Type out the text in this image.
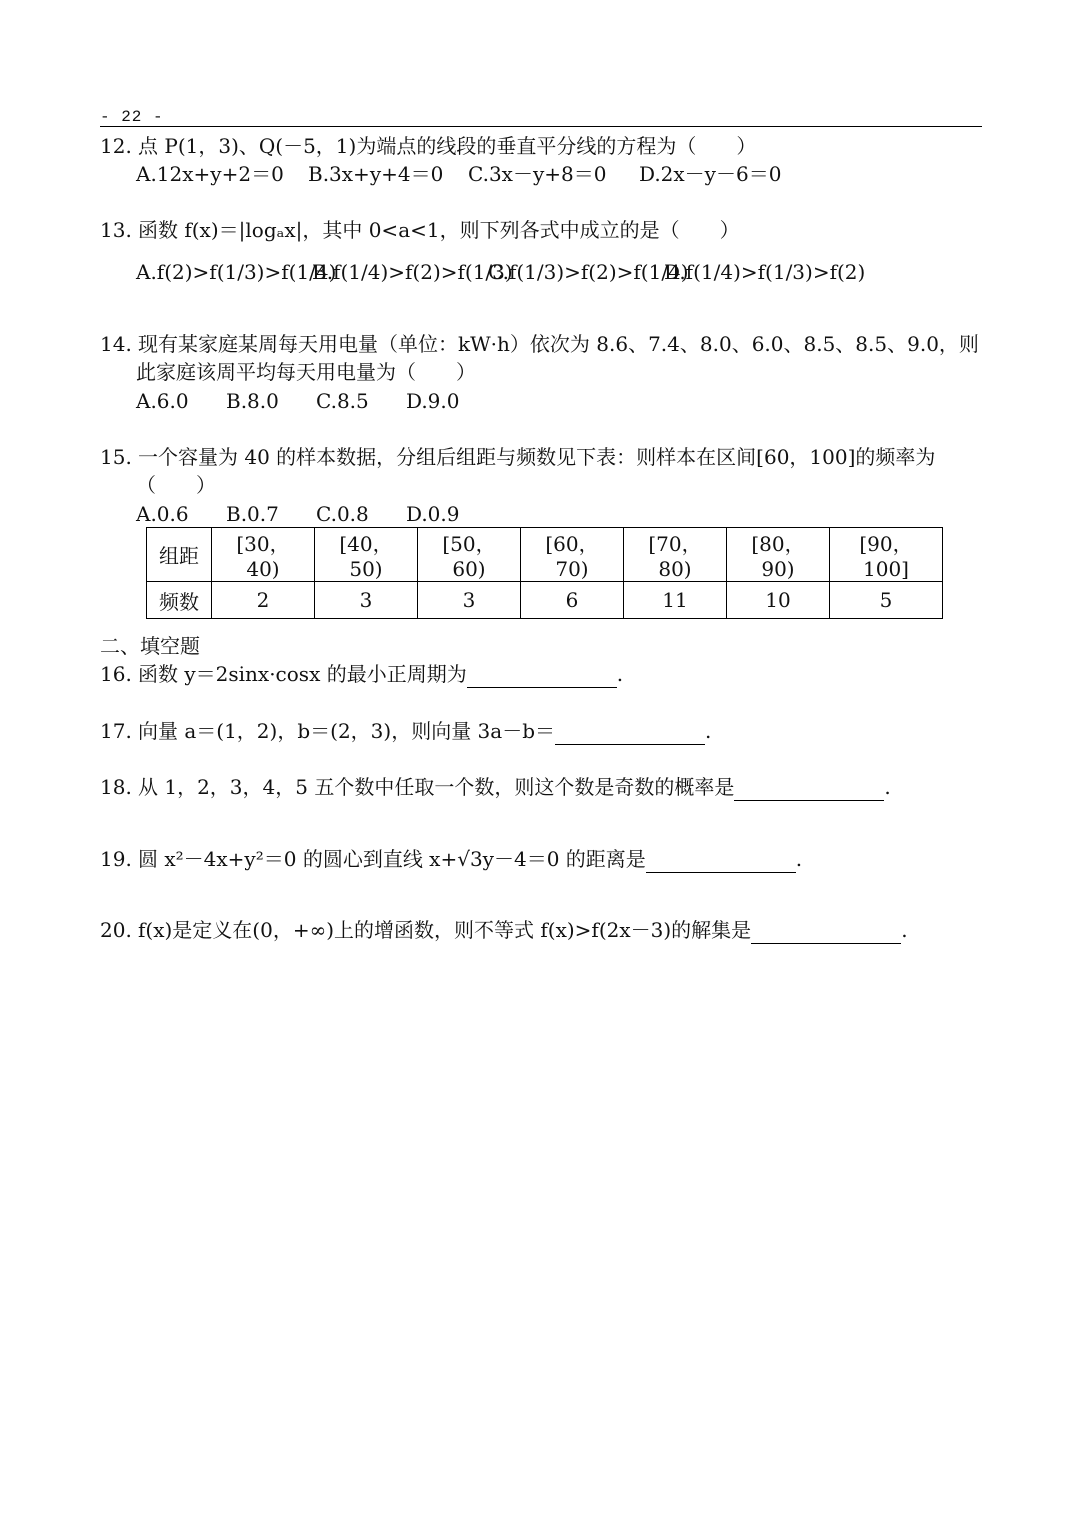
- 22 -
12. 点 P(1，3)、Q(－5，1)为端点的线段的垂直平分线的方程为（　　）
A.12x+y+2＝0 B.3x+y+4＝0 C.3x－y+8＝0 D.2x－y－6＝0
13. 函数 f(x)＝|logₐx|，其中 0<a<1，则下列各式中成立的是（　　）
A.f(2)>f(1/3)>f(1/4)B.f(1/4)>f(2)>f(1/3)C.f(1/3)>f(2)>f(1/4)D.f(1/4)>f(1/3)>f(2)
14. 现有某家庭某周每天用电量（单位：kW·h）依次为 8.6、7.4、8.0、6.0、8.5、8.5、9.0，则
此家庭该周平均每天用电量为（　　）
A.6.0 B.8.0 C.8.5 D.9.0
15. 一个容量为 40 的样本数据，分组后组距与频数见下表：则样本在区间[60，100]的频率为
（　　）
A.0.6 B.0.7 C.0.8 D.0.9
组距	[30，40)	[40，50)	[50，60)	[60，70)	[70，80)	[80，90)	[90，100]
频数	2	3	3	6	11	10	5
二、填空题
16. 函数 y＝2sinx·cosx 的最小正周期为	.
17. 向量 a＝(1，2)，b＝(2，3)，则向量 3a－b＝	.
18. 从 1，2，3，4，5 五个数中任取一个数，则这个数是奇数的概率是	.
19. 圆 x²－4x+y²＝0 的圆心到直线 x+√3y－4＝0 的距离是	.
20. f(x)是定义在(0，+∞)上的增函数，则不等式 f(x)>f(2x－3)的解集是	.
